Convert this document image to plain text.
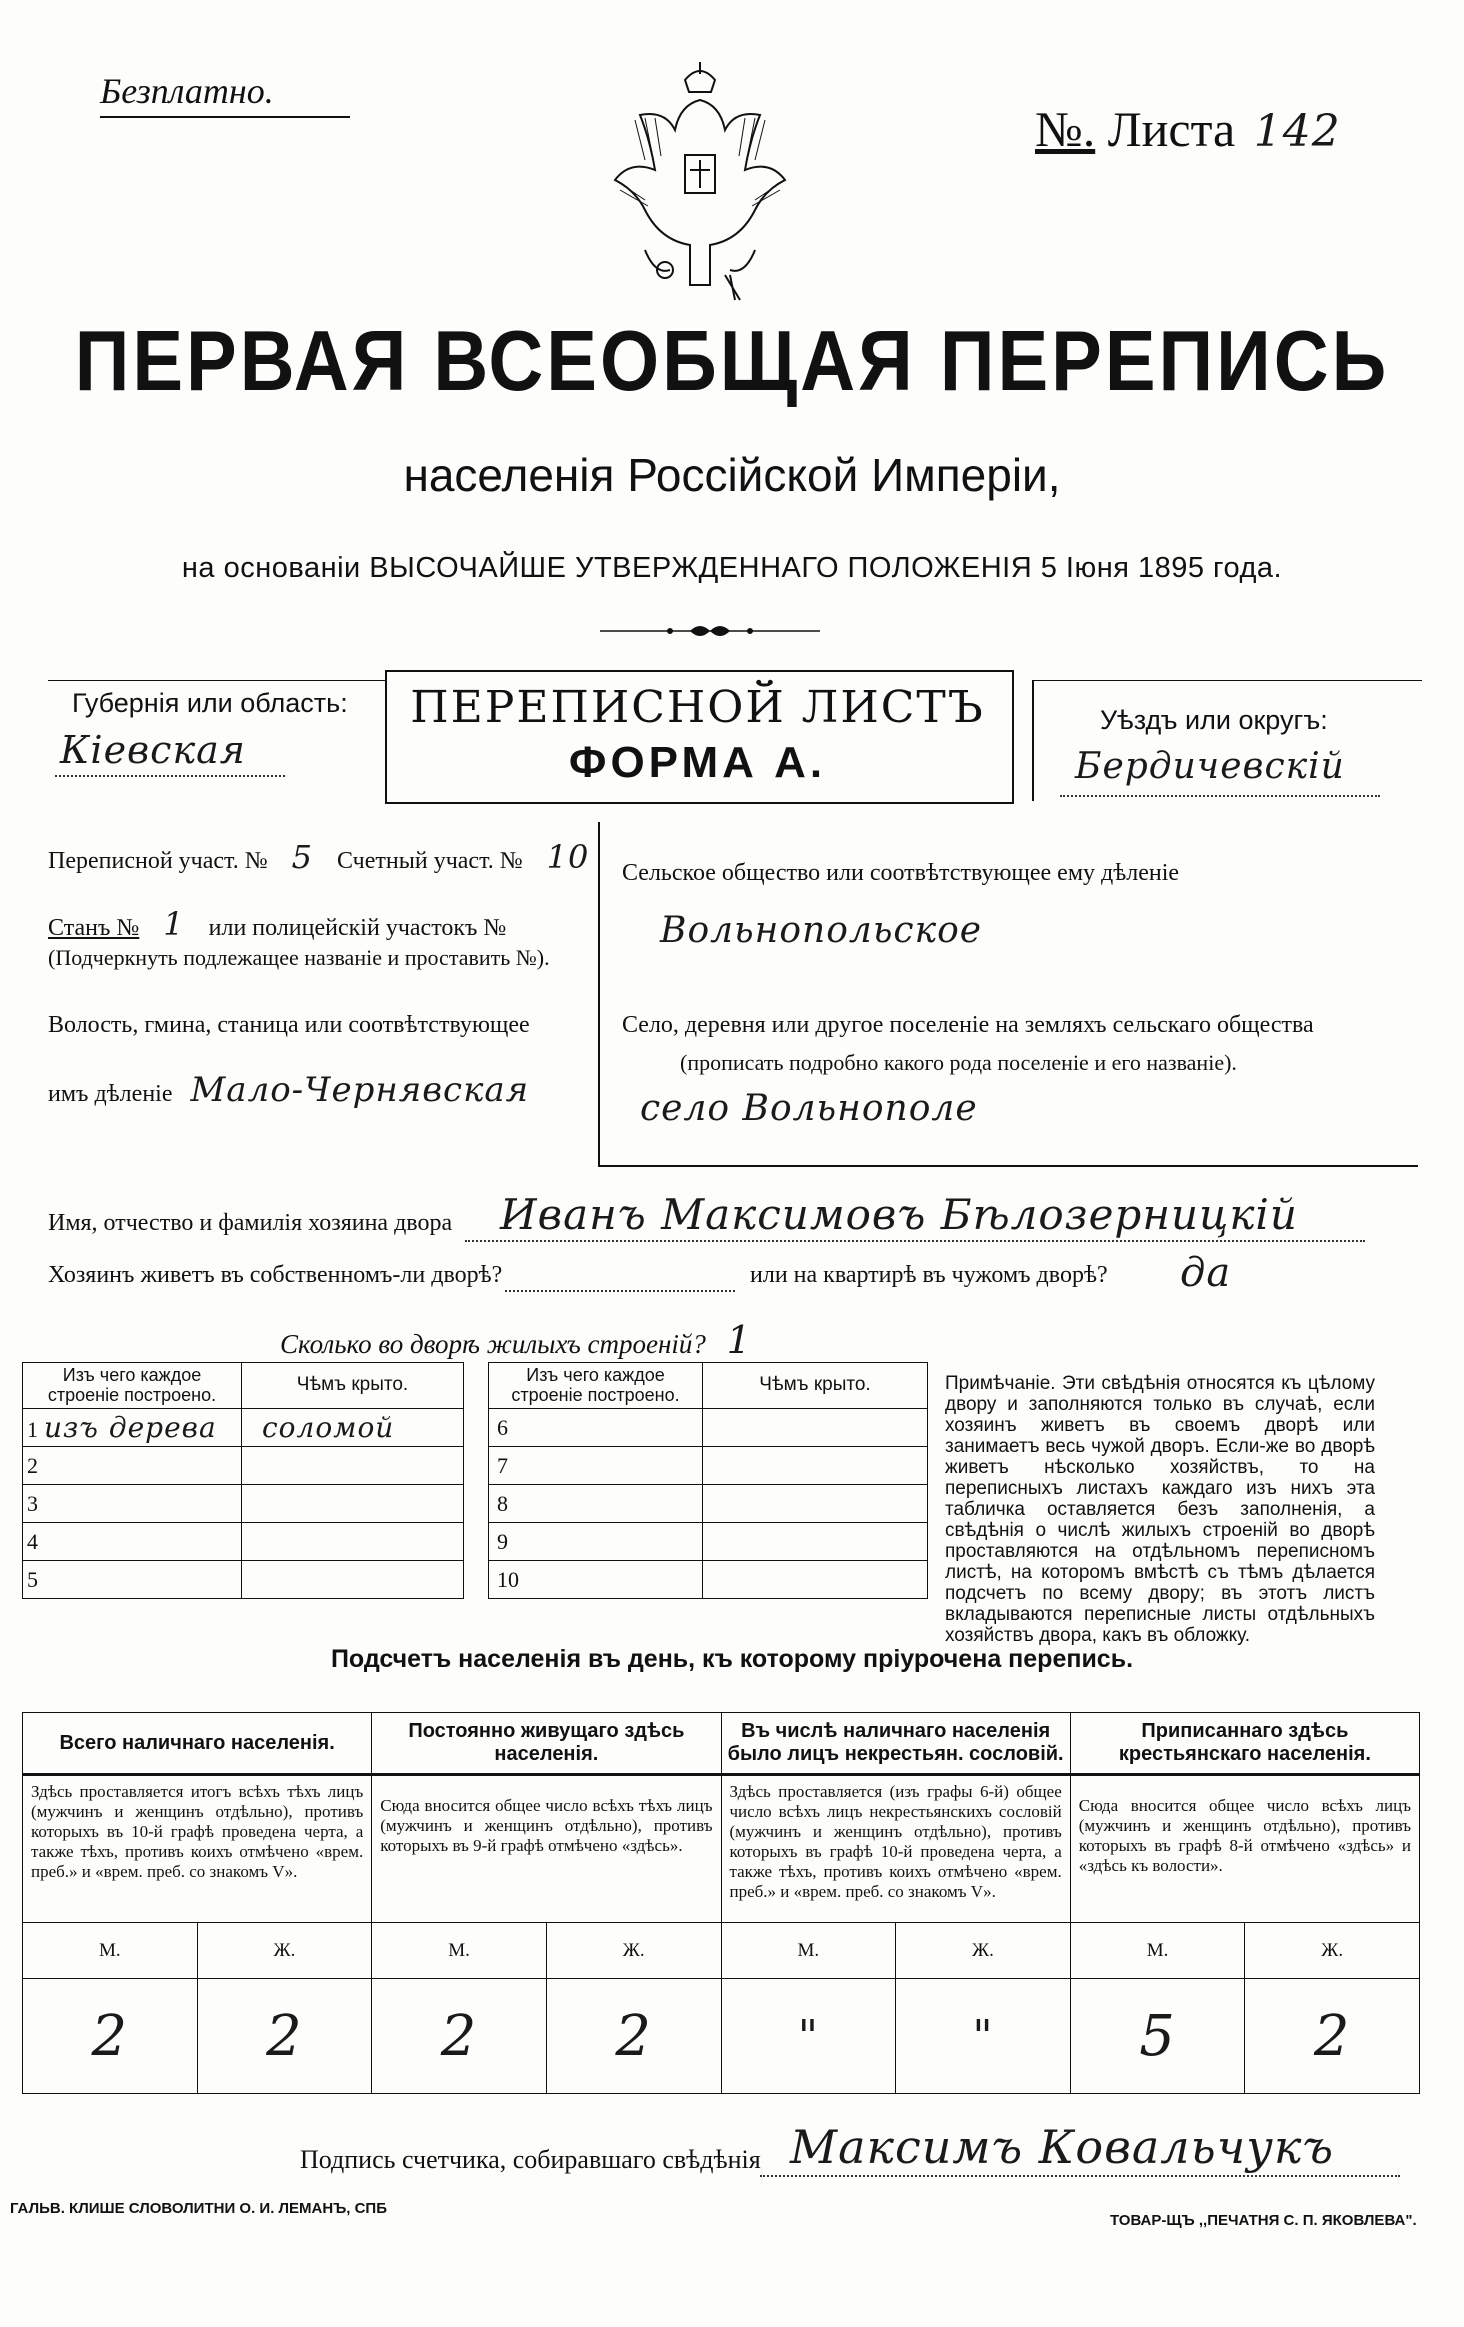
Безплатно.
№. Листа 142
ПЕРВАЯ ВСЕОБЩАЯ ПЕРЕПИСЬ
населенія Россійской Имперіи,
на основаніи ВЫСОЧАЙШЕ УТВЕРЖДЕННАГО ПОЛОЖЕНІЯ 5 Іюня 1895 года.
ПЕРЕПИСНОЙ ЛИСТЪ
ФОРМА А.
Губернія или область:
Кіевская
Уѣздъ или округъ:
Бердичевскій
Переписной участ. № 5 Счетный участ. № 10
Станъ № 1 или полицейскій участокъ №
(Подчеркнуть подлежащее названіе и проставить №).
Волость, гмина, станица или соотвѣтствующее
имъ дѣленіе Мало-Чернявская
Сельское общество или соотвѣтствующее ему дѣленіе
Вольнопольское
Село, деревня или другое поселеніе на земляхъ сельскаго общества
(прописать подробно какого рода поселеніе и его названіе).
село Вольнополе
Имя, отчество и фамилія хозяина двора Иванъ Максимовъ Бѣлозерницкій
Хозяинъ живетъ въ собственномъ-ли дворѣ?	или на квартирѣ въ чужомъ дворѣ? да
Сколько во дворѣ жилыхъ строеній? 1
Изъ чего каждое строеніе построено.	Чѣмъ крыто.
1 изъ дерева	соломой
2	
3	
4	
5	
Изъ чего каждое строеніе построено.	Чѣмъ крыто.
6	
7	
8	
9	
10	
Примѣчаніе. Эти свѣдѣнія относятся къ цѣлому двору и заполняются только въ случаѣ, если хозяинъ живетъ въ своемъ дворѣ или занимаетъ весь чужой дворъ. Если-же во дворѣ живетъ нѣсколько хозяйствъ, то на переписныхъ листахъ каждаго изъ нихъ эта табличка оставляется безъ заполненія, а свѣдѣнія о числѣ жилыхъ строеній во дворѣ проставляются на отдѣльномъ переписномъ листѣ, на которомъ вмѣстѣ съ тѣмъ дѣлается подсчетъ по всему двору; въ этотъ листъ вкладываются переписные листы отдѣльныхъ хозяйствъ двора, какъ въ обложку.
Подсчетъ населенія въ день, къ которому пріурочена перепись.
Всего наличнаго населенія.		Постоянно живущаго здѣсь населенія.		Въ числѣ наличнаго населенія было лицъ некрестьян. сословій.		Приписаннаго здѣсь крестьянскаго населенія.	
Здѣсь проставляется итогъ всѣхъ тѣхъ лицъ (мужчинъ и женщинъ отдѣльно), противъ которыхъ въ 10-й графѣ проведена черта, а также тѣхъ, противъ коихъ отмѣчено «врем. преб.» и «врем. преб. со знакомъ V».		Сюда вносится общее число всѣхъ тѣхъ лицъ (мужчинъ и женщинъ отдѣльно), противъ которыхъ въ 9-й графѣ отмѣчено «здѣсь».		Здѣсь проставляется (изъ графы 6-й) общее число всѣхъ лицъ некрестьянскихъ сословій (мужчинъ и женщинъ отдѣльно), противъ которыхъ въ графѣ 10-й проведена черта, а также тѣхъ, противъ коихъ отмѣчено «врем. преб.» и «врем. преб. со знакомъ V».		Сюда вносится общее число всѣхъ лицъ (мужчинъ и женщинъ отдѣльно), противъ которыхъ въ графѣ 8-й отмѣчено «здѣсь» и «здѣсь къ волости».	
М.	Ж.	М.	Ж.	М.	Ж.	М.	Ж.
2	2	2	2	"	"	5	2
Подпись счетчика, собиравшаго свѣдѣнія Максимъ Ковальчукъ
ГАЛЬВ. КЛИШЕ СЛОВОЛИТНИ О. И. ЛЕМАНЪ, СПБ
ТОВАР-ЩЪ ,,ПЕЧАТНЯ С. П. ЯКОВЛЕВА".
